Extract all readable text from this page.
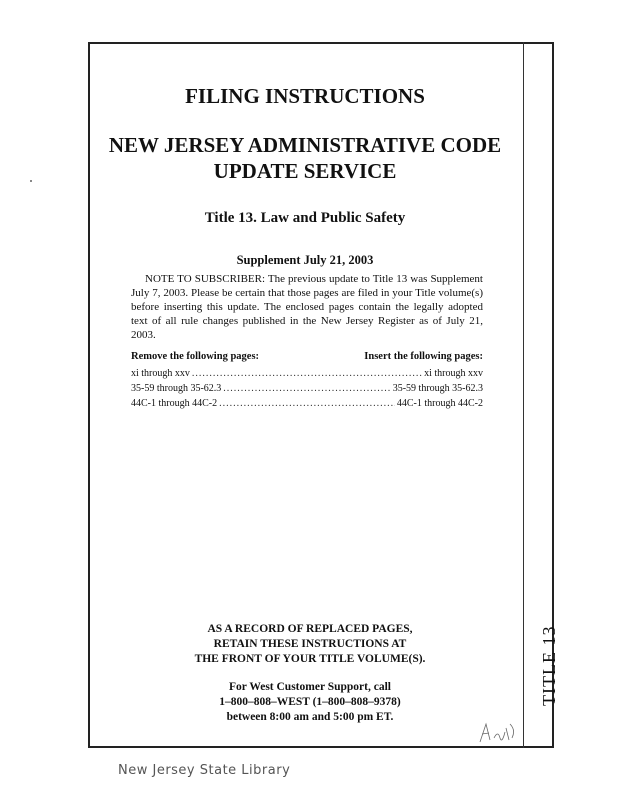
FILING INSTRUCTIONS
NEW JERSEY ADMINISTRATIVE CODE
UPDATE SERVICE
Title 13. Law and Public Safety
Supplement July 21, 2003
NOTE TO SUBSCRIBER: The previous update to Title 13 was Supplement July 7, 2003. Please be certain that those pages are filed in your Title volume(s) before inserting this update. The enclosed pages contain the legally adopted text of all rule changes published in the New Jersey Register as of July 21, 2003.
Remove the following pages:	Insert the following pages:
xi through xxv .....	xi through xxv
35-59 through 35-62.3 .....	35-59 through 35-62.3
44C-1 through 44C-2 .....	44C-1 through 44C-2
AS A RECORD OF REPLACED PAGES,
RETAIN THESE INSTRUCTIONS AT
THE FRONT OF YOUR TITLE VOLUME(S).
For West Customer Support, call
1–800–808–WEST (1–800–808–9378)
between 8:00 am and 5:00 pm ET.
TITLE 13
New Jersey State Library
